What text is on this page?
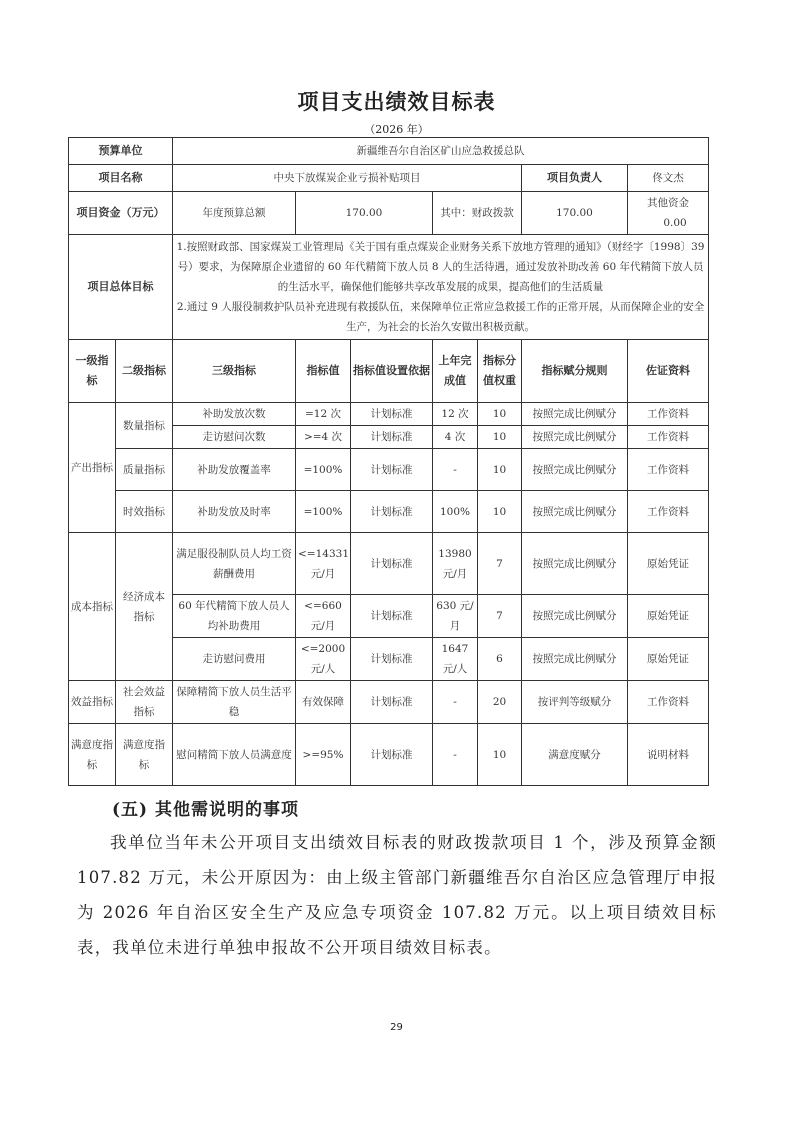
项目支出绩效目标表
（2026 年）
预算单位		新疆维吾尔自治区矿山应急救援总队						
项目名称		中央下放煤炭企业亏损补贴项目					项目负责人	佟文杰
项目资金（万元）		年度预算总额	170.00		其中：财政拨款		170.00	其他资金 0.00
项目总体目标		1.按照财政部、国家煤炭工业管理局《关于国有重点煤炭企业财务关系下放地方管理的通知》（财经字〔1998〕39 号）要求，为保障原企业遗留的 60 年代精简下放人员 8 人的生活待遇，通过发放补助改善 60 年代精简下放人员的生活水平，确保他们能够共享改革发展的成果，提高他们的生活质量
2.通过 9 人服役制救护队员补充进现有救援队伍，来保障单位正常应急救援工作的正常开展，从而保障企业的安全生产，为社会的长治久安做出积极贡献。						

一级指标	二级指标	三级指标	指标值	指标值设置依据	上年完成值	指标分值权重	指标赋分规则	佐证资料
产出指标	数量指标	补助发放次数	=12 次	计划标准	12 次	10	按照完成比例赋分	工作资料
		走访慰问次数	>=4 次	计划标准	4 次	10	按照完成比例赋分	工作资料
	质量指标	补助发放覆盖率	=100%	计划标准	-	10	按照完成比例赋分	工作资料
	时效指标	补助发放及时率	=100%	计划标准	100%	10	按照完成比例赋分	工作资料
成本指标	经济成本指标	满足服役制队员人均工资薪酬费用	<=14331 元/月	计划标准	13980 元/月	7	按照完成比例赋分	原始凭证
		60 年代精简下放人员人均补助费用	<=660 元/月	计划标准	630 元/月	7	按照完成比例赋分	原始凭证
		走访慰问费用	<=2000 元/人	计划标准	1647 元/人	6	按照完成比例赋分	原始凭证
效益指标	社会效益指标	保障精简下放人员生活平稳	有效保障	计划标准	-	20	按评判等级赋分	工作资料
满意度指标	满意度指标	慰问精简下放人员满意度	>=95%	计划标准	-	10	满意度赋分	说明材料
(五) 其他需说明的事项
我单位当年未公开项目支出绩效目标表的财政拨款项目 1 个，涉及预算金额 107.82 万元，未公开原因为：由上级主管部门新疆维吾尔自治区应急管理厅申报为 2026 年自治区安全生产及应急专项资金 107.82 万元。以上项目绩效目标表，我单位未进行单独申报故不公开项目绩效目标表。
29
